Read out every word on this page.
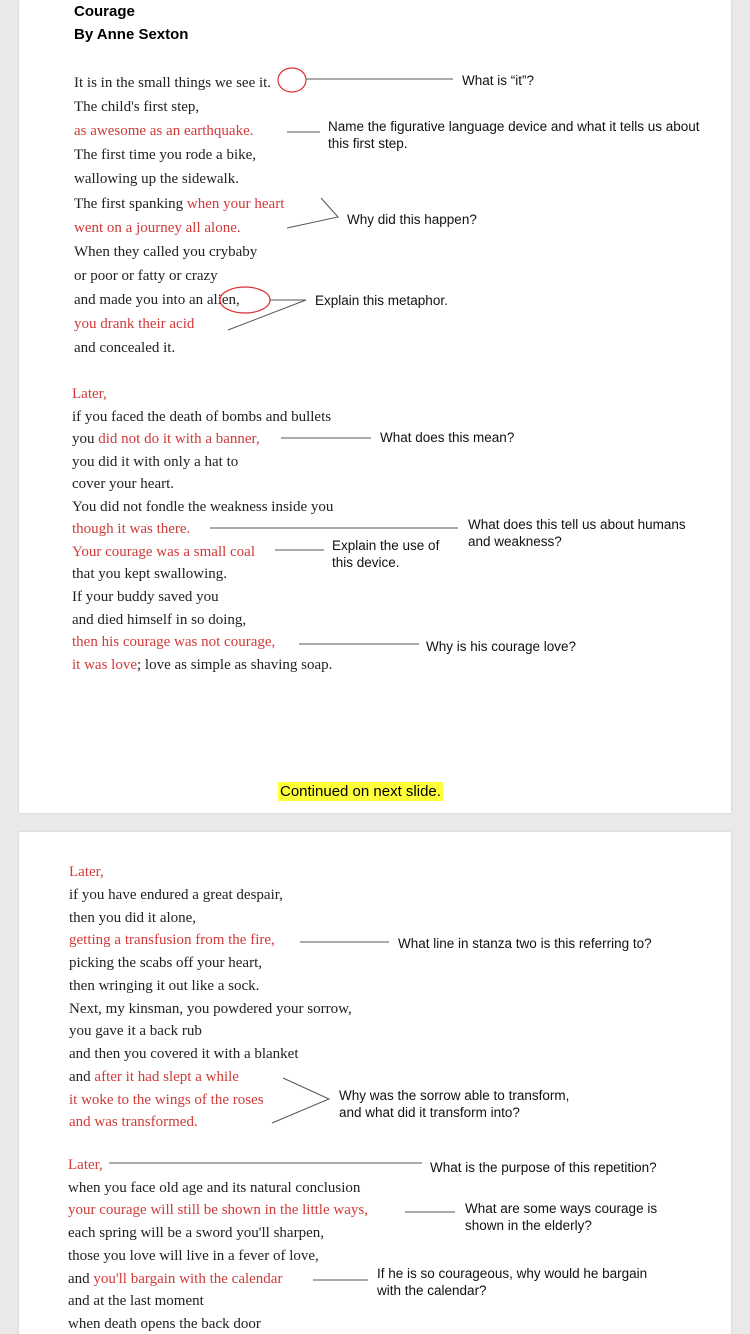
Courage
By Anne Sexton
It is in the small things we see it.
The child's first step,
as awesome as an earthquake.
The first time you rode a bike,
wallowing up the sidewalk.
The first spanking when your heart
went on a journey all alone.
When they called you crybaby
or poor or fatty or crazy
and made you into an alien,
you drank their acid
and concealed it.
Later,
if you faced the death of bombs and bullets
you did not do it with a banner,
you did it with only a hat to
cover your heart.
You did not fondle the weakness inside you
though it was there.
Your courage was a small coal
that you kept swallowing.
If your buddy saved you
and died himself in so doing,
then his courage was not courage,
it was love; love as simple as shaving soap.
Later,
if you have endured a great despair,
then you did it alone,
getting a transfusion from the fire,
picking the scabs off your heart,
then wringing it out like a sock.
Next, my kinsman, you powdered your sorrow,
you gave it a back rub
and then you covered it with a blanket
and after it had slept a while
it woke to the wings of the roses
and was transformed.
Later,
when you face old age and its natural conclusion
your courage will still be shown in the little ways,
each spring will be a sword you'll sharpen,
those you love will live in a fever of love,
and you'll bargain with the calendar
and at the last moment
when death opens the back door
What is “it”?
Name the figurative language device and what it tells us about this first step.
Why did this happen?
Explain this metaphor.
What does this mean?
What does this tell us about humans and weakness?
Explain the use of this device.
Why is his courage love?
What line in stanza two is this referring to?
Why was the sorrow able to transform, and what did it transform into?
What is the purpose of this repetition?
What are some ways courage is shown in the elderly?
If he is so courageous, why would he bargain with the calendar?
Continued on next slide.
